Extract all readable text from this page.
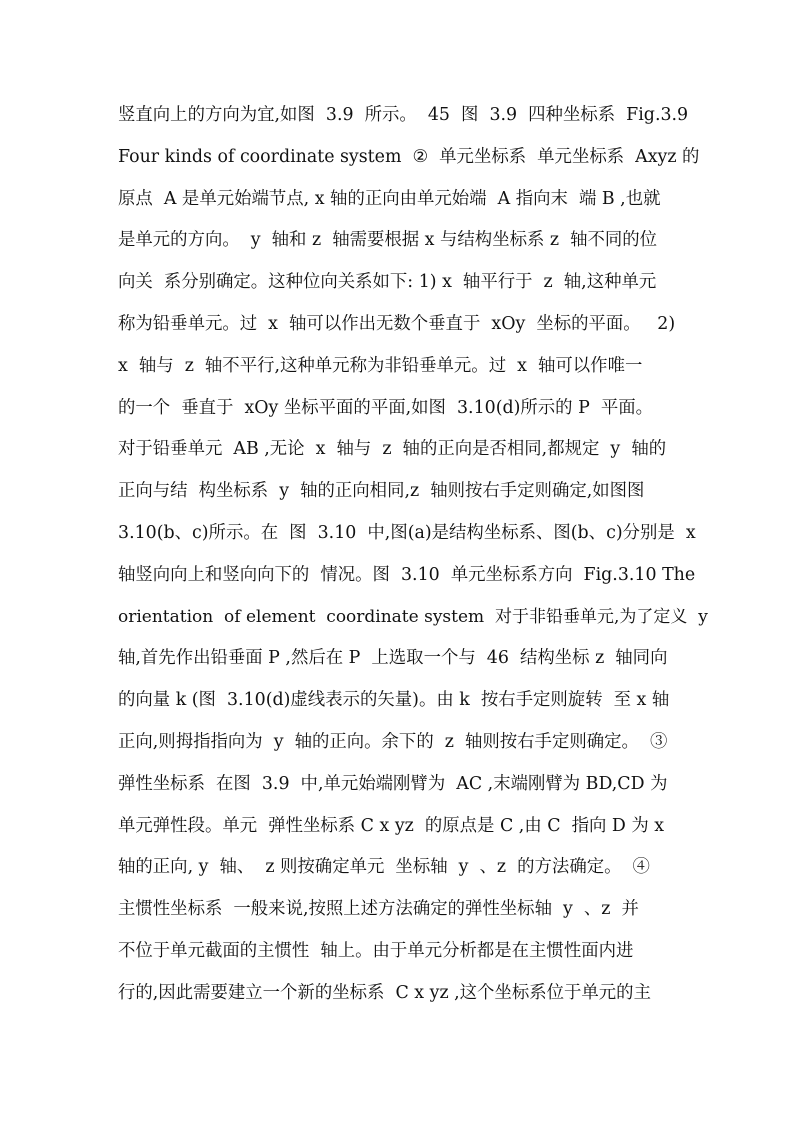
竖直向上的方向为宜,如图  3.9  所示。  45  图  3.9  四种坐标系  Fig.3.9
Four kinds of coordinate system  ②  单元坐标系  单元坐标系  Axyz 的
原点  A 是单元始端节点, x 轴的正向由单元始端  A 指向末  端 B ,也就
是单元的方向。  y  轴和 z  轴需要根据 x 与结构坐标系 z  轴不同的位
向关  系分别确定。这种位向关系如下: 1) x  轴平行于  z  轴,这种单元
称为铅垂单元。过  x  轴可以作出无数个垂直于  xOy  坐标的平面。   2)
x  轴与  z  轴不平行,这种单元称为非铅垂单元。过  x  轴可以作唯一
的一个  垂直于  xOy 坐标平面的平面,如图  3.10(d)所示的 P  平面。
对于铅垂单元  AB ,无论  x  轴与  z  轴的正向是否相同,都规定  y  轴的
正向与结  构坐标系  y  轴的正向相同,z  轴则按右手定则确定,如图图
3.10(b、c)所示。在  图  3.10  中,图(a)是结构坐标系、图(b、c)分别是  x
轴竖向向上和竖向向下的  情况。图  3.10  单元坐标系方向  Fig.3.10 The
orientation  of element  coordinate system  对于非铅垂单元,为了定义  y
轴,首先作出铅垂面 P ,然后在 P  上选取一个与  46  结构坐标 z  轴同向
的向量 k (图  3.10(d)虚线表示的矢量)。由 k  按右手定则旋转  至 x 轴
正向,则拇指指向为  y  轴的正向。余下的  z  轴则按右手定则确定。  ③
弹性坐标系  在图  3.9  中,单元始端刚臂为  AC ,末端刚臂为 BD,CD 为
单元弹性段。单元  弹性坐标系 C x yz  的原点是 C ,由 C  指向 D 为 x
轴的正向, y  轴、  z 则按确定单元  坐标轴  y  、z  的方法确定。  ④
主惯性坐标系  一般来说,按照上述方法确定的弹性坐标轴  y  、z  并
不位于单元截面的主惯性  轴上。由于单元分析都是在主惯性面内进
行的,因此需要建立一个新的坐标系  C x yz ,这个坐标系位于单元的主
